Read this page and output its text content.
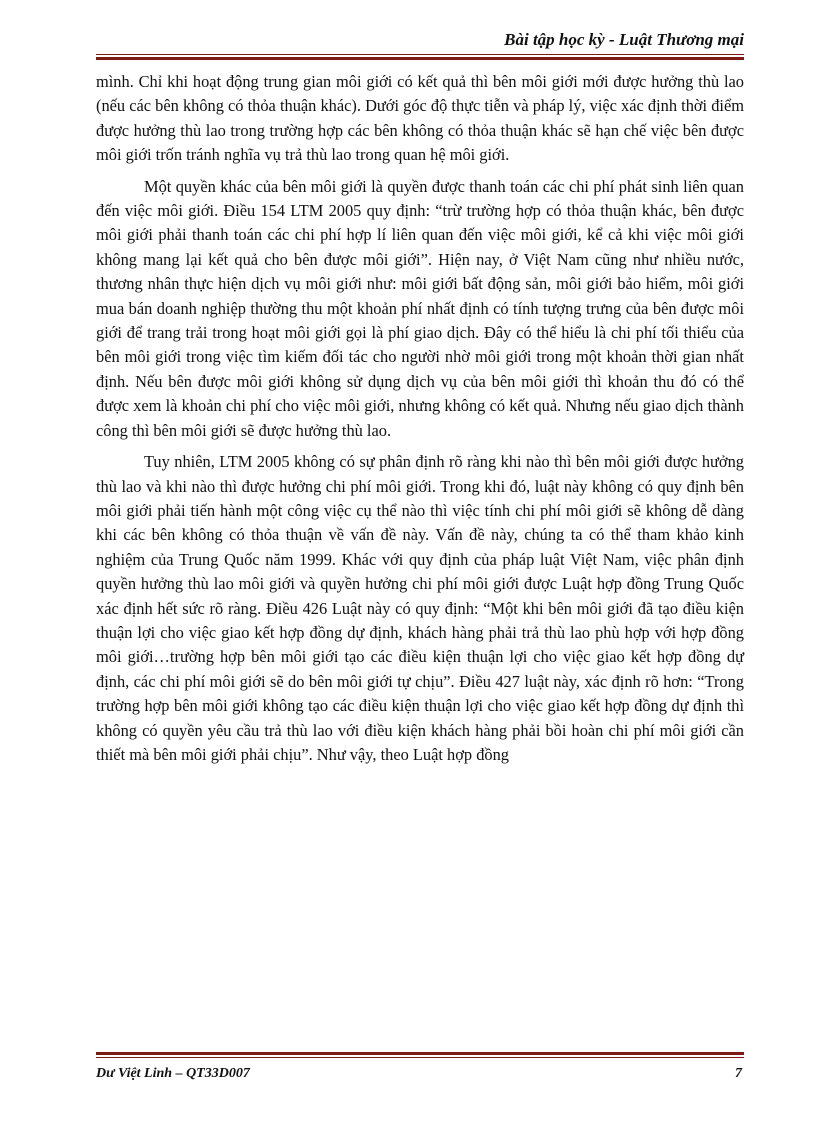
Bài tập học kỳ - Luật Thương mại

mình. Chỉ khi hoạt động trung gian môi giới có kết quả thì bên môi giới mới được hưởng thù lao (nếu các bên không có thỏa thuận khác). Dưới góc độ thực tiễn và pháp lý, việc xác định thời điểm được hưởng thù lao trong trường hợp các bên không có thỏa thuận khác sẽ hạn chế việc bên được môi giới trốn tránh nghĩa vụ trả thù lao trong quan hệ môi giới.

Một quyền khác của bên môi giới là quyền được thanh toán các chi phí phát sinh liên quan đến việc môi giới. Điều 154 LTM 2005 quy định: “trừ trường hợp có thỏa thuận khác, bên được môi giới phải thanh toán các chi phí hợp lí liên quan đến việc môi giới, kể cả khi việc môi giới không mang lại kết quả cho bên được môi giới”. Hiện nay, ở Việt Nam cũng như nhiều nước, thương nhân thực hiện dịch vụ môi giới như: môi giới bất động sản, môi giới bảo hiểm, môi giới mua bán doanh nghiệp thường thu một khoản phí nhất định có tính tượng trưng của bên được môi giới để trang trải trong hoạt môi giới gọi là phí giao dịch. Đây có thể hiểu là chi phí tối thiểu của bên môi giới trong việc tìm kiếm đối tác cho người nhờ môi giới trong một khoản thời gian nhất định. Nếu bên được môi giới không sử dụng dịch vụ của bên môi giới thì khoản thu đó có thể được xem là khoản chi phí cho việc môi giới, nhưng không có kết quả. Nhưng nếu giao dịch thành công thì bên môi giới sẽ được hưởng thù lao.

Tuy nhiên, LTM 2005 không có sự phân định rõ ràng khi nào thì bên môi giới được hưởng thù lao và khi nào thì được hưởng chi phí môi giới. Trong khi đó, luật này không có quy định bên môi giới phải tiến hành một công việc cụ thể nào thì việc tính chi phí môi giới sẽ không dễ dàng khi các bên không có thỏa thuận về vấn đề này. Vấn đề này, chúng ta có thể tham khảo kinh nghiệm của Trung Quốc năm 1999. Khác với quy định của pháp luật Việt Nam, việc phân định quyền hưởng thù lao môi giới và quyền hưởng chi phí môi giới được Luật hợp đồng Trung Quốc xác định hết sức rõ ràng. Điều 426 Luật này có quy định: “Một khi bên môi giới đã tạo điều kiện thuận lợi cho việc giao kết hợp đồng dự định, khách hàng phải trả thù lao phù hợp với hợp đồng môi giới…trường hợp bên môi giới tạo các điều kiện thuận lợi cho việc giao kết hợp đồng dự định, các chi phí môi giới sẽ do bên môi giới tự chịu”. Điều 427 luật này, xác định rõ hơn: “Trong trường hợp bên môi giới không tạo các điều kiện thuận lợi cho việc giao kết hợp đồng dự định thì không có quyền yêu cầu trả thù lao với điều kiện khách hàng phải bồi hoàn chi phí môi giới cần thiết mà bên môi giới phải chịu”. Như vậy, theo Luật hợp đồng

Dư Việt Linh – QT33D007	7
